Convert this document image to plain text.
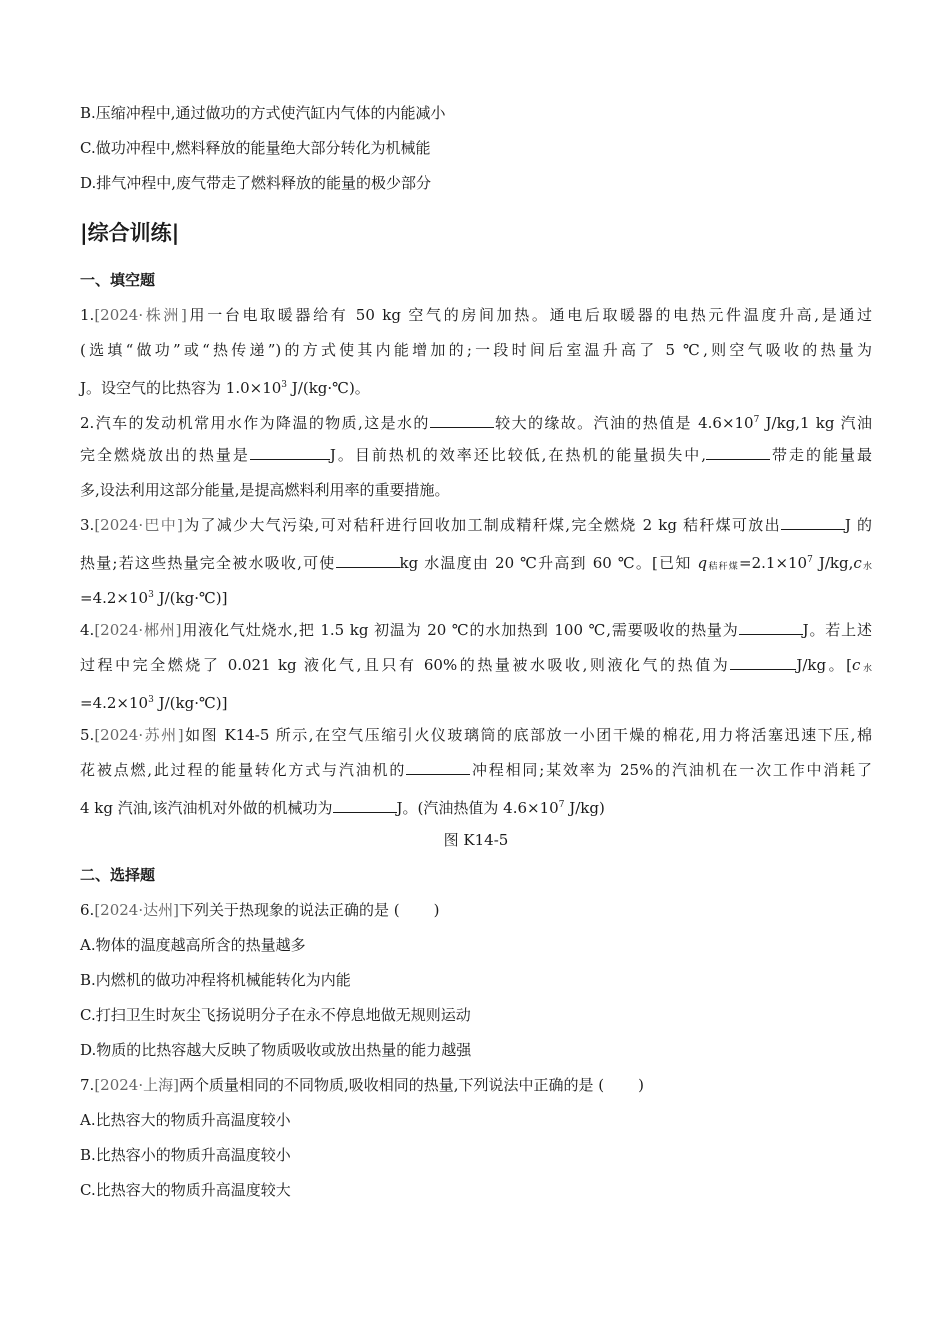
B.压缩冲程中,通过做功的方式使汽缸内气体的内能减小
C.做功冲程中,燃料释放的能量绝大部分转化为机械能
D.排气冲程中,废气带走了燃料释放的能量的极少部分
|综合训练|
一、填空题
1.[2024·株洲]用一台电取暖器给有 50 kg 空气的房间加热。通电后取暖器的电热元件温度升高,是通过
(选填“做功”或“热传递”)的方式使其内能增加的;一段时间后室温升高了 5 ℃,则空气吸收的热量为
J。设空气的比热容为 $1.0\times 10^3$ J/(kg·℃)。
2.汽车的发动机常用水作为降温的物质,这是水的	较大的缘故。汽油的热值是 $4.6\times 10^7$ J/kg,1 kg 汽油
完全燃烧放出的热量是	J。目前热机的效率还比较低,在热机的能量损失中,	带走的能量最
多,设法利用这部分能量,是提高燃料利用率的重要措施。
3.[2024·巴中]为了减少大气污染,可对秸秆进行回收加工制成精秆煤,完全燃烧 2 kg 秸秆煤可放出	J 的
热量;若这些热量完全被水吸收,可使	kg 水温度由 20 ℃升高到 60 ℃。[已知 q秸秆煤$=2.1\times 10^7$ J/kg,c水
$=4.2\times 10^3$ J/(kg·℃)]
4.[2024·郴州]用液化气灶烧水,把 1.5 kg 初温为 20 ℃的水加热到 100 ℃,需要吸收的热量为	J。若上述
过程中完全燃烧了 0.021 kg 液化气,且只有 60%的热量被水吸收,则液化气的热值为	J/kg。[c水
$=4.2\times 10^3$ J/(kg·℃)]
5.[2024·苏州]如图 K14-5 所示,在空气压缩引火仪玻璃筒的底部放一小团干燥的棉花,用力将活塞迅速下压,棉
花被点燃,此过程的能量转化方式与汽油机的	冲程相同;某效率为 25%的汽油机在一次工作中消耗了
4 kg 汽油,该汽油机对外做的机械功为	J。(汽油热值为 $4.6\times 10^7$ J/kg)
图 K14-5
二、选择题
6.[2024·达州]下列关于热现象的说法正确的是 ( )
A.物体的温度越高所含的热量越多
B.内燃机的做功冲程将机械能转化为内能
C.打扫卫生时灰尘飞扬说明分子在永不停息地做无规则运动
D.物质的比热容越大反映了物质吸收或放出热量的能力越强
7.[2024·上海]两个质量相同的不同物质,吸收相同的热量,下列说法中正确的是 ( )
A.比热容大的物质升高温度较小
B.比热容小的物质升高温度较小
C.比热容大的物质升高温度较大
